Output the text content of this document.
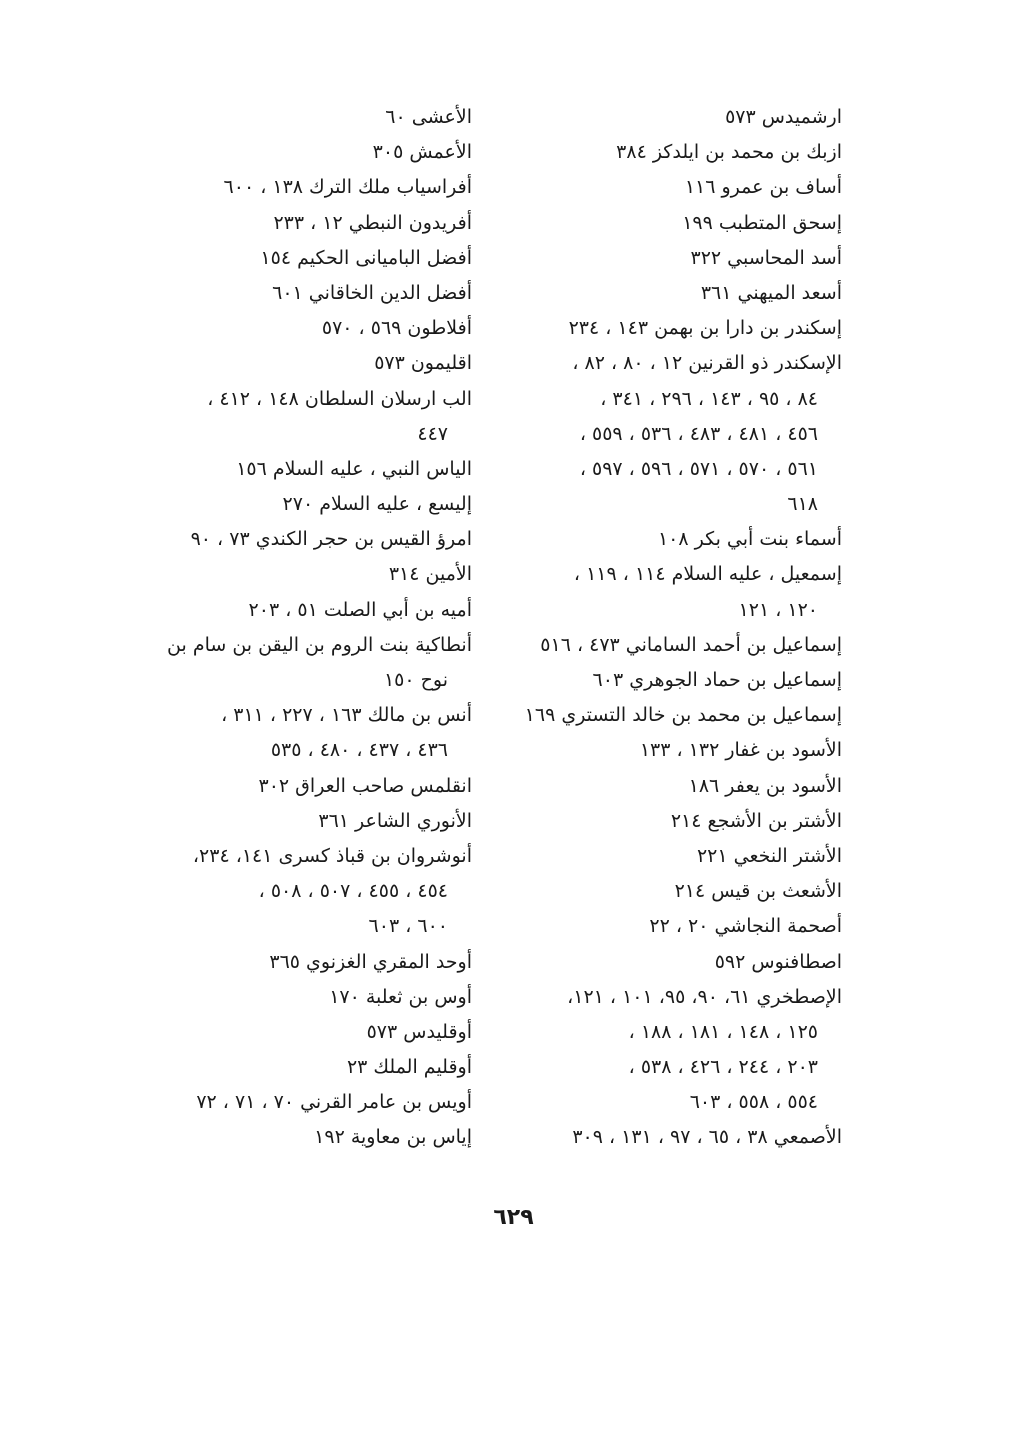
ارشميدس ٥٧٣
ازبك بن محمد بن ايلدكز ٣٨٤
أساف بن عمرو ١١٦
إسحق المتطبب ١٩٩
أسد المحاسبي ٣٢٢
أسعد الميهني ٣٦١
إسكندر بن دارا بن بهمن ١٤٣ ، ٢٣٤
الإسكندر ذو القرنين ١٢ ، ٨٠ ، ٨٢ ،
٨٤ ، ٩٥ ، ١٤٣ ، ٢٩٦ ، ٣٤١ ،
٤٥٦ ، ٤٨١ ، ٤٨٣ ، ٥٣٦ ، ٥٥٩ ،
٥٦١ ، ٥٧٠ ، ٥٧١ ، ٥٩٦ ، ٥٩٧ ،
٦١٨
أسماء بنت أبي بكر ١٠٨
إسمعيل ، عليه السلام ١١٤ ، ١١٩ ،
١٢٠ ، ١٢١
إسماعيل بن أحمد الساماني ٤٧٣ ، ٥١٦
إسماعيل بن حماد الجوهري ٦٠٣
إسماعيل بن محمد بن خالد التستري ١٦٩
الأسود بن غفار ١٣٢ ، ١٣٣
الأسود بن يعفر ١٨٦
الأشتر بن الأشجع ٢١٤
الأشتر النخعي ٢٢١
الأشعث بن قيس ٢١٤
أصحمة النجاشي ٢٠ ، ٢٢
اصطافنوس ٥٩٢
الإصطخري ٦١، ٩٠، ٩٥، ١٠١ ، ١٢١،
١٢٥ ، ١٤٨ ، ١٨١ ، ١٨٨ ،
٢٠٣ ، ٢٤٤ ، ٤٢٦ ، ٥٣٨ ،
٥٥٤ ، ٥٥٨ ، ٦٠٣
الأصمعي ٣٨ ، ٦٥ ، ٩٧ ، ١٣١ ، ٣٠٩
الأعشى ٦٠
الأعمش ٣٠٥
أفراسياب ملك الترك ١٣٨ ، ٦٠٠
أفريدون النبطي ١٢ ، ٢٣٣
أفضل الباميانى الحكيم ١٥٤
أفضل الدين الخاقاني ٦٠١
أفلاطون ٥٦٩ ، ٥٧٠
اقليمون ٥٧٣
الب ارسلان السلطان ١٤٨ ، ٤١٢ ،
٤٤٧
الياس النبي ، عليه السلام ١٥٦
إليسع ، عليه السلام ٢٧٠
امرؤ القيس بن حجر الكندي ٧٣ ، ٩٠
الأمين ٣١٤
أميه بن أبي الصلت ٥١ ، ٢٠٣
أنطاكية بنت الروم بن اليقن بن سام بن
نوح ١٥٠
أنس بن مالك ١٦٣ ، ٢٢٧ ، ٣١١ ،
٤٣٦ ، ٤٣٧ ، ٤٨٠ ، ٥٣٥
انقلمس صاحب العراق ٣٠٢
الأنوري الشاعر ٣٦١
أنوشروان بن قباذ كسرى ١٤١، ٢٣٤،
٤٥٤ ، ٤٥٥ ، ٥٠٧ ، ٥٠٨ ،
٦٠٠ ، ٦٠٣
أوحد المقري الغزنوي ٣٦٥
أوس بن ثعلبة ١٧٠
أوقليدس ٥٧٣
أوقليم الملك ٢٣
أويس بن عامر القرني ٧٠ ، ٧١ ، ٧٢
إياس بن معاوية ١٩٢
٦٢٩
